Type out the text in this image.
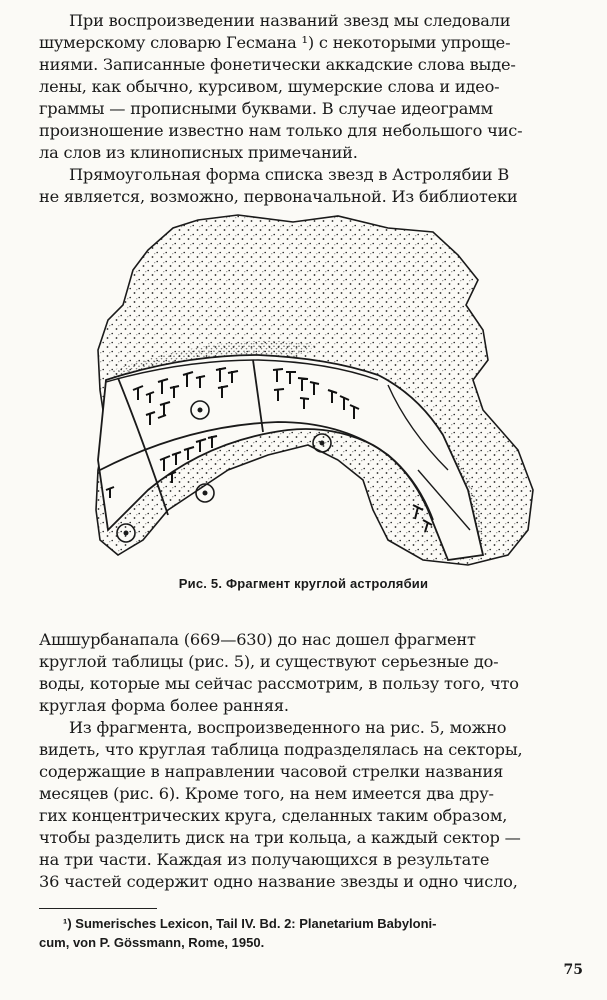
При воспроизведении названий звезд мы следовали
шумерскому словарю Гесмана ¹) с некоторыми упроще-
ниями. Записанные фонетически аккадские слова выде-
лены, как обычно, курсивом, шумерские слова и идео-
граммы — прописными буквами. В случае идеограмм
произношение известно нам только для небольшого чис-
ла слов из клинописных примечаний.
Прямоугольная форма списка звезд в Астролябии В
не является, возможно, первоначальной. Из библиотеки
Рис. 5. Фрагмент круглой астролябии
Ашшурбанапала (669—630) до нас дошел фрагмент
круглой таблицы (рис. 5), и существуют серьезные до-
воды, которые мы сейчас рассмотрим, в пользу того, что
круглая форма более ранняя.
Из фрагмента, воспроизведенного на рис. 5, можно
видеть, что круглая таблица подразделялась на секторы,
содержащие в направлении часовой стрелки названия
месяцев (рис. 6). Кроме того, на нем имеется два дру-
гих концентрических круга, сделанных таким образом,
чтобы разделить диск на три кольца, а каждый сектор —
на три части. Каждая из получающихся в результате
36 частей содержит одно название звезды и одно число,
¹) Sumerisches Lexicon, Tail IV. Bd. 2: Planetarium Babyloni-
cum, von P. Gössmann, Rome, 1950.
75
